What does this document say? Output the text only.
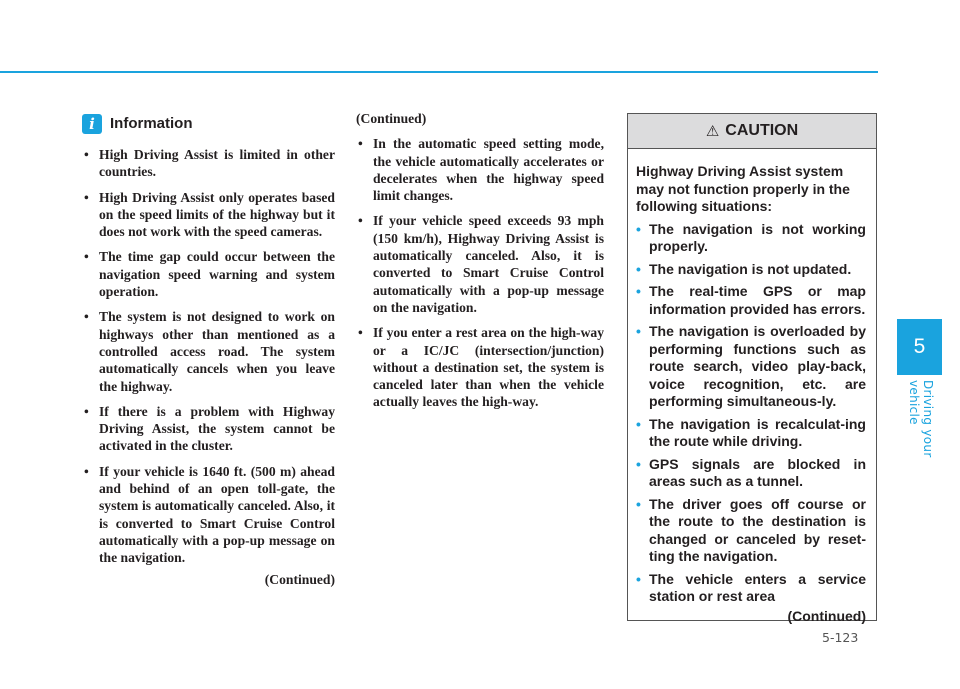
5
Driving your vehicle
i	Information
• High Driving Assist is limited in other countries.
• High Driving Assist only operates based on the speed limits of the highway but it does not work with the speed cameras.
• The time gap could occur between the navigation speed warning and system operation.
• The system is not designed to work on highways other than mentioned as a controlled access road. The system automatically cancels when you leave the highway.
• If there is a problem with Highway Driving Assist, the system cannot be activated in the cluster.
• If your vehicle is 1640 ft. (500 m) ahead and behind of an open toll-gate, the system is automatically canceled. Also, it is converted to Smart Cruise Control automatically with a pop-up message on the navigation.
(Continued)
(Continued)
• In the automatic speed setting mode, the vehicle automatically accelerates or decelerates when the highway speed limit changes.
• If your vehicle speed exceeds 93 mph (150 km/h), Highway Driving Assist is automatically canceled. Also, it is converted to Smart Cruise Control automatically with a pop-up message on the navigation.
• If you enter a rest area on the high-way or a IC/JC (intersection/junction) without a destination set, the system is canceled later than when the vehicle actually leaves the high-way.
⚠ CAUTION

Highway Driving Assist system may not function properly in the following situations:

• The navigation is not working properly.
• The navigation is not updated.
• The real-time GPS or map information provided has errors.
• The navigation is overloaded by performing functions such as route search, video play-back, voice recognition, etc. are performing simultaneous-ly.
• The navigation is recalculat-ing the route while driving.
• GPS signals are blocked in areas such as a tunnel.
• The driver goes off course or the route to the destination is changed or canceled by reset-ting the navigation.
• The vehicle enters a service station or rest area
(Continued)
5-123
